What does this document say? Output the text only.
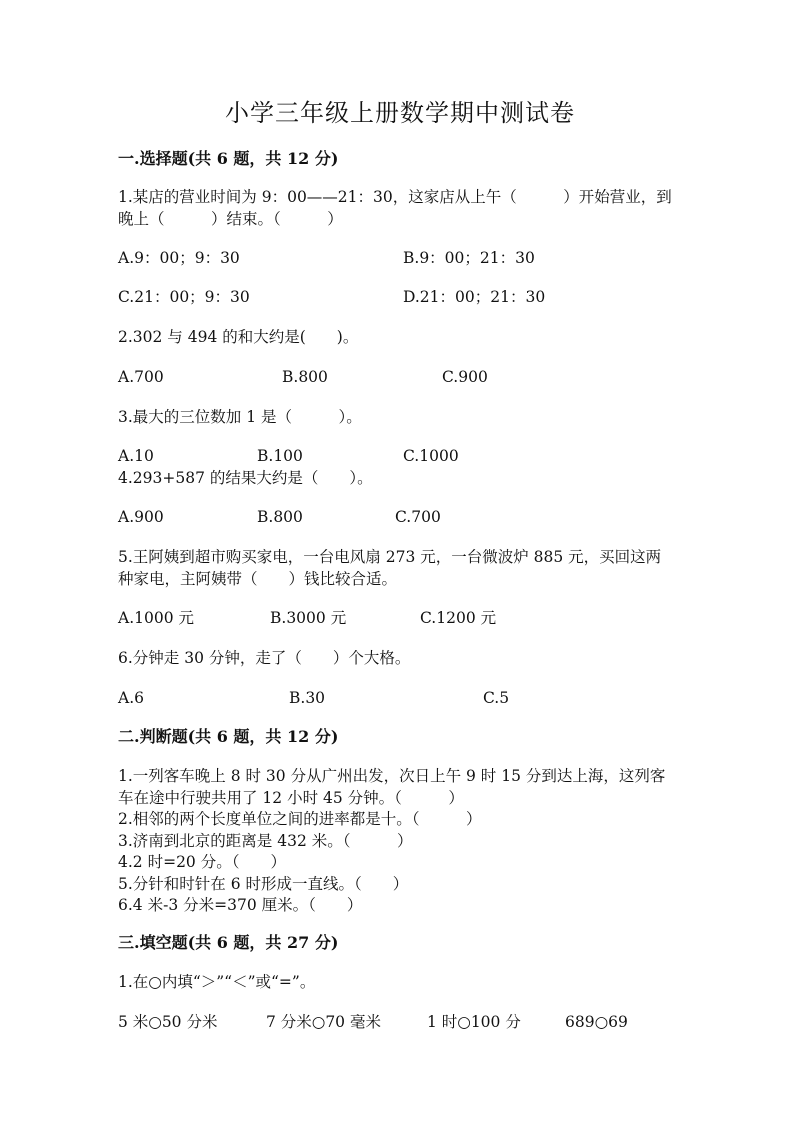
小学三年级上册数学期中测试卷
一.选择题(共 6 题，共 12 分)
1.某店的营业时间为 9：00——21：30，这家店从上午（　　　）开始营业，到
晚上（　　　）结束。（　　　）
A.9：00；9：30	B.9：00；21：30
C.21：00；9：30	D.21：00；21：30
2.302 与 494 的和大约是(　　)。
A.700	B.800	C.900
3.最大的三位数加 1 是（　　　）。
A.10	B.100	C.1000
4.293+587 的结果大约是（　　）。
A.900	B.800	C.700
5.王阿姨到超市购买家电，一台电风扇 273 元，一台微波炉 885 元，买回这两
种家电，主阿姨带（　　）钱比较合适。
A.1000 元	B.3000 元	C.1200 元
6.分钟走 30 分钟，走了（　　）个大格。
A.6	B.30	C.5
二.判断题(共 6 题，共 12 分)
1.一列客车晚上 8 时 30 分从广州出发，次日上午 9 时 15 分到达上海，这列客
车在途中行驶共用了 12 小时 45 分钟。（　　　）
2.相邻的两个长度单位之间的进率都是十。（　　　）
3.济南到北京的距离是 432 米。（　　　）
4.2 时=20 分。（　　）
5.分针和时针在 6 时形成一直线。（　　）
6.4 米-3 分米=370 厘米。（　　）
三.填空题(共 6 题，共 27 分)
1.在○内填“＞”“＜”或“=”。
5 米○50 分米	7 分米○70 毫米	1 时○100 分	689○69
